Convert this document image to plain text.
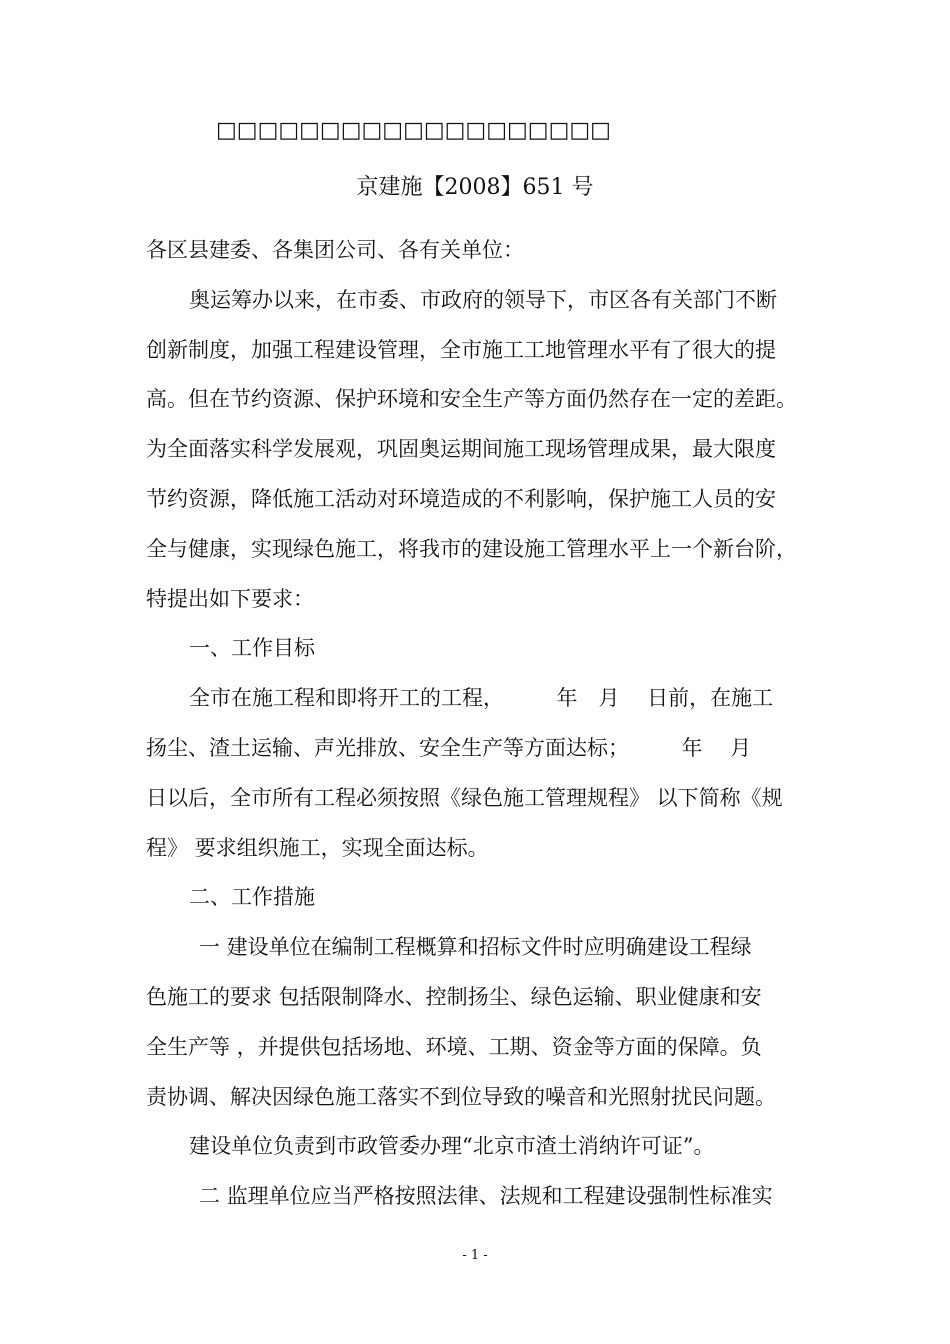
□□□□□□□□□□□□□□□□□□□
京建施【2008】651 号
各区县建委、各集团公司、各有关单位：
奥运筹办以来，在市委、市政府的领导下，市区各有关部门不断
创新制度，加强工程建设管理，全市施工工地管理水平有了很大的提
高。但在节约资源、保护环境和安全生产等方面仍然存在一定的差距。
为全面落实科学发展观，巩固奥运期间施工现场管理成果，最大限度
节约资源，降低施工活动对环境造成的不利影响，保护施工人员的安
全与健康，实现绿色施工，将我市的建设施工管理水平上一个新台阶，
特提出如下要求：
一、工作目标
全市在施工程和即将开工的工程，　　　年　月　 日前，在施工
扬尘、渣土运输、声光排放、安全生产等方面达标；　　　年　 月
日以后，全市所有工程必须按照《绿色施工管理规程》 以下简称《规
程》 要求组织施工，实现全面达标。
二、工作措施
一 建设单位在编制工程概算和招标文件时应明确建设工程绿
色施工的要求 包括限制降水、控制扬尘、绿色运输、职业健康和安
全生产等 ，并提供包括场地、环境、工期、资金等方面的保障。负
责协调、解决因绿色施工落实不到位导致的噪音和光照射扰民问题。
建设单位负责到市政管委办理“北京市渣土消纳许可证”。
二 监理单位应当严格按照法律、法规和工程建设强制性标准实
- 1 -
